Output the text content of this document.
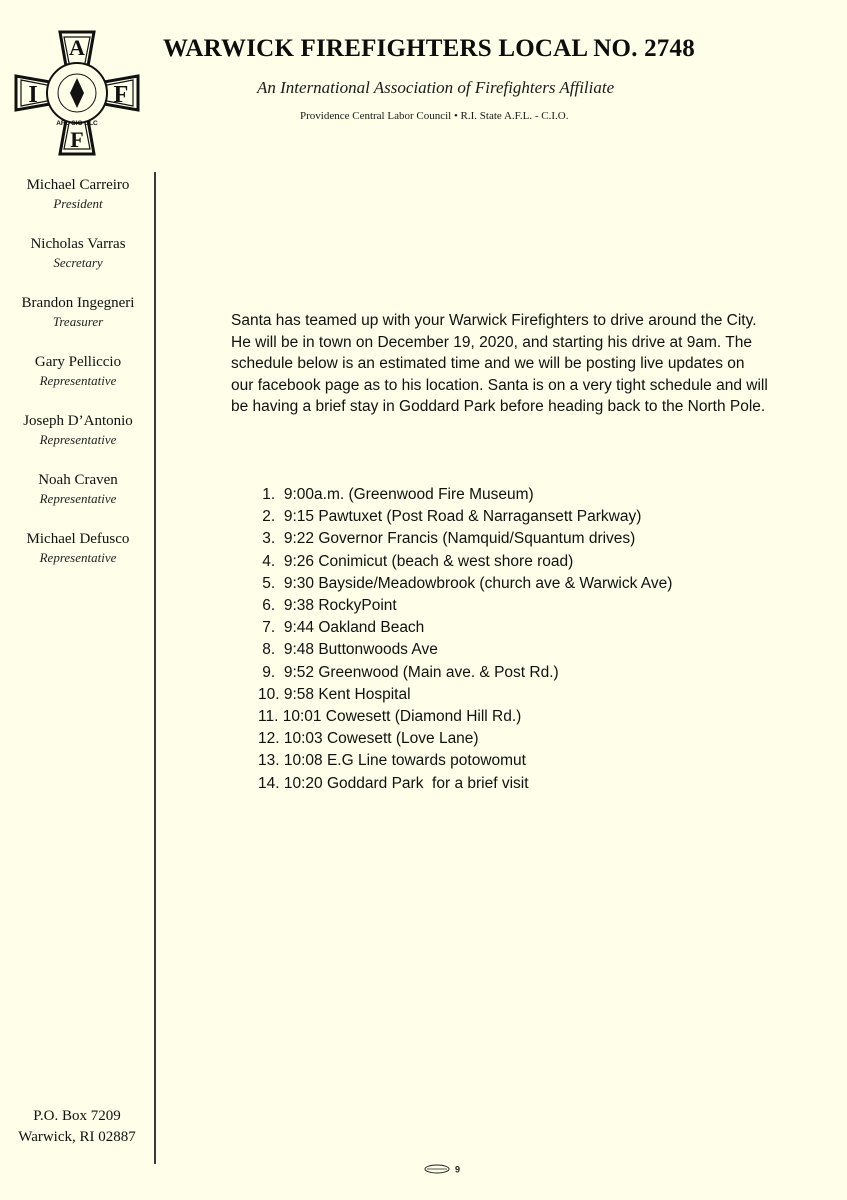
A
I	F
F
AFL-CIO CLC
WARWICK FIREFIGHTERS LOCAL NO. 2748
An International Association of Firefighters Affiliate
Providence Central Labor Council • R.I. State A.F.L. - C.I.O.
Michael Carreiro
President
Nicholas Varras
Secretary
Brandon Ingegneri
Treasurer
Gary Pelliccio
Representative
Joseph D’Antonio
Representative
Noah Craven
Representative
Michael Defusco
Representative
P.O. Box 7209
Warwick, RI 02887
Santa has teamed up with your Warwick Firefighters to drive around the City. He will be in town on December 19, 2020, and starting his drive at 9am. The schedule below is an estimated time and we will be posting live updates on our facebook page as to his location. Santa is on a very tight schedule and will be having a brief stay in Goddard Park before heading back to the North Pole.
1.  9:00a.m. (Greenwood Fire Museum)
2.  9:15 Pawtuxet (Post Road & Narragansett Parkway)
3.  9:22 Governor Francis (Namquid/Squantum drives)
4.  9:26 Conimicut (beach & west shore road)
5.  9:30 Bayside/Meadowbrook (church ave & Warwick Ave)
6.  9:38 RockyPoint
7.  9:44 Oakland Beach
8.  9:48 Buttonwoods Ave
9.  9:52 Greenwood (Main ave. & Post Rd.)
10. 9:58 Kent Hospital
11. 10:01 Cowesett (Diamond Hill Rd.)
12. 10:03 Cowesett (Love Lane)
13. 10:08 E.G Line towards potowomut
14. 10:20 Goddard Park  for a brief visit
9
